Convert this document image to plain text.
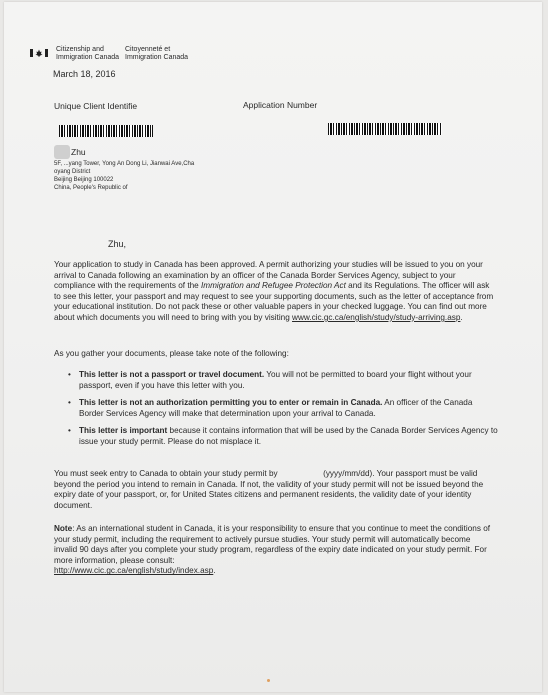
Citizenship and
Immigration Canada
Citoyenneté et
Immigration Canada
March 18, 2016
Unique Client Identifie	Application Number
Zhu
5F, ...yang Tower, Yong An Dong Li, Jianwai Ave,Cha
oyang District
Beijing Beijing 100022
China, People's Republic of
Zhu,
Your application to study in Canada has been approved. A permit authorizing your studies will be issued to you on your arrival to Canada following an examination by an officer of the Canada Border Services Agency, subject to your compliance with the requirements of the Immigration and Refugee Protection Act and its Regulations. The officer will ask to see this letter, your passport and may request to see your supporting documents, such as the letter of acceptance from your educational institution. Do not pack these or other valuable papers in your checked luggage. You can find out more about which documents you will need to bring with you by visiting www.cic.gc.ca/english/study/study-arriving.asp.
As you gather your documents, please take note of the following:
• This letter is not a passport or travel document. You will not be permitted to board your flight without your passport, even if you have this letter with you.
• This letter is not an authorization permitting you to enter or remain in Canada. An officer of the Canada Border Services Agency will make that determination upon your arrival to Canada.
• This letter is important because it contains information that will be used by the Canada Border Services Agency to issue your study permit. Please do not misplace it.
You must seek entry to Canada to obtain your study permit by                    (yyyy/mm/dd). Your passport must be valid beyond the period you intend to remain in Canada. If not, the validity of your study permit will not be issued beyond the expiry date of your passport, or, for United States citizens and permanent residents, the validity date of your identity document.
Note: As an international student in Canada, it is your responsibility to ensure that you continue to meet the conditions of your study permit, including the requirement to actively pursue studies. Your study permit will automatically become invalid 90 days after you complete your study program, regardless of the expiry date indicated on your study permit. For more information, please consult:
http://www.cic.gc.ca/english/study/index.asp.
